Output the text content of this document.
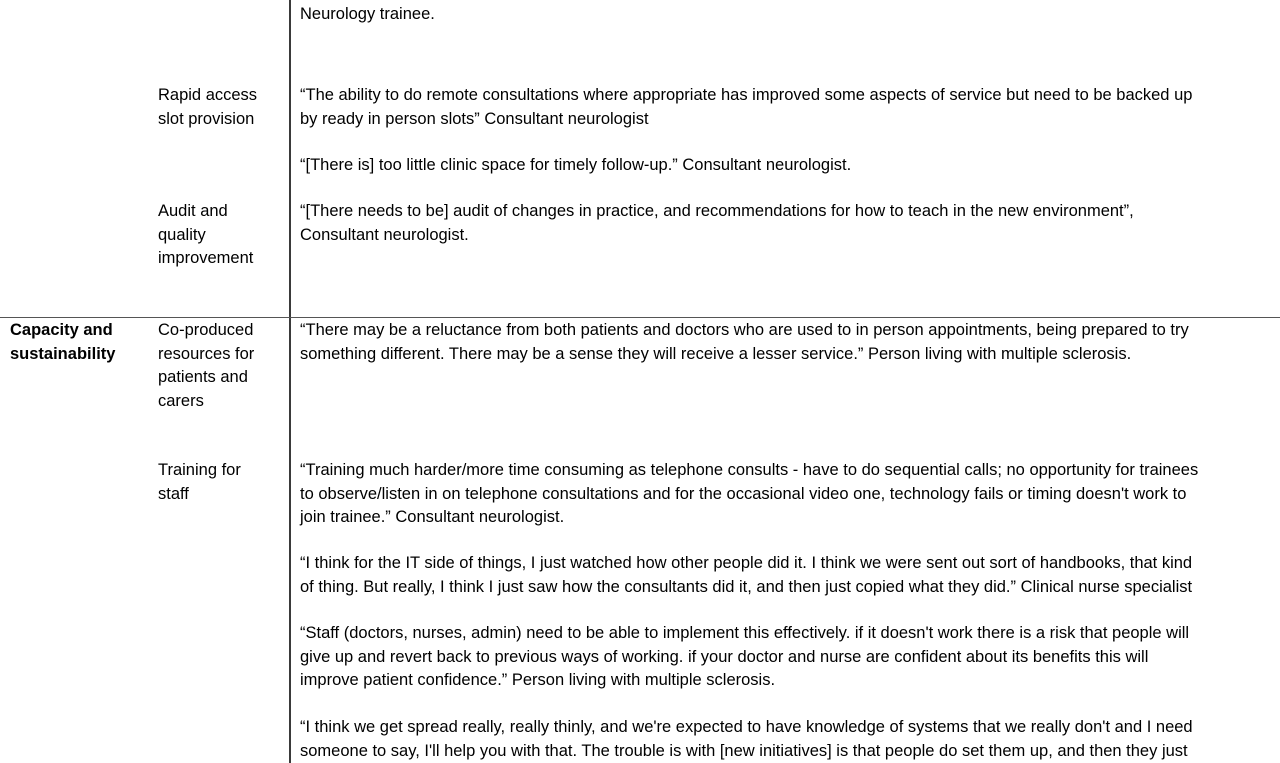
Neurology trainee.
Rapid access
slot provision
“The ability to do remote consultations where appropriate has improved some aspects of service but need to be backed up
by ready in person slots” Consultant neurologist
“[There is] too little clinic space for timely follow-up.” Consultant neurologist.
Audit and
quality
improvement
“[There needs to be] audit of changes in practice, and recommendations for how to teach in the new environment”,
Consultant neurologist.
Capacity and
sustainability
Co-produced
resources for
patients and
carers
“There may be a reluctance from both patients and doctors who are used to in person appointments, being prepared to try
something different. There may be a sense they will receive a lesser service.” Person living with multiple sclerosis.
Training for
staff
“Training much harder/more time consuming as telephone consults - have to do sequential calls; no opportunity for trainees
to observe/listen in on telephone consultations and for the occasional video one, technology fails or timing doesn't work to
join trainee.” Consultant neurologist.
“I think for the IT side of things, I just watched how other people did it. I think we were sent out sort of handbooks, that kind
of thing. But really, I think I just saw how the consultants did it, and then just copied what they did.” Clinical nurse specialist
“Staff (doctors, nurses, admin) need to be able to implement this effectively. if it doesn't work there is a risk that people will
give up and revert back to previous ways of working. if your doctor and nurse are confident about its benefits this will
improve patient confidence.” Person living with multiple sclerosis.
“I think we get spread really, really thinly, and we're expected to have knowledge of systems that we really don't and I need
someone to say, I'll help you with that. The trouble is with [new initiatives] is that people do set them up, and then they just
